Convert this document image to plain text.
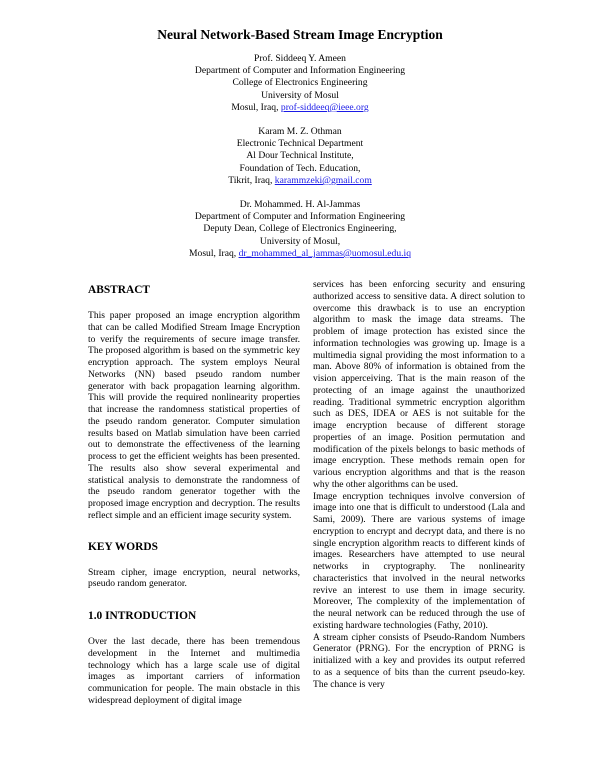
Neural Network-Based Stream Image Encryption
Prof. Siddeeq Y. Ameen
Department of Computer and Information Engineering
College of Electronics Engineering
University of Mosul
Mosul, Iraq, prof-siddeeq@ieee.org
Karam M. Z. Othman
Electronic Technical Department
Al Dour Technical Institute,
Foundation of Tech. Education,
Tikrit, Iraq, karammzeki@gmail.com
Dr. Mohammed. H. Al-Jammas
Department of Computer and Information Engineering
Deputy Dean, College of Electronics Engineering,
University of Mosul,
Mosul, Iraq, dr_mohammed_al_jammas@uomosul.edu.iq
ABSTRACT

This paper proposed an image encryption algorithm that can be called Modified Stream Image Encryption to verify the requirements of secure image transfer. The proposed algorithm is based on the symmetric key encryption approach. The system employs Neural Networks (NN) based pseudo random number generator with back propagation learning algorithm. This will provide the required nonlinearity properties that increase the randomness statistical properties of the pseudo random generator. Computer simulation results based on Matlab simulation have been carried out to demonstrate the effectiveness of the learning process to get the efficient weights has been presented. The results also show several experimental and statistical analysis to demonstrate the randomness of the pseudo random generator together with the proposed image encryption and decryption. The results reflect simple and an efficient image security system.

KEY WORDS

Stream cipher, image encryption, neural networks, pseudo random generator.

1.0 INTRODUCTION

Over the last decade, there has been tremendous development in the Internet and multimedia technology which has a large scale use of digital images as important carriers of information communication for people. The main obstacle in this widespread deployment of digital image

services has been enforcing security and ensuring authorized access to sensitive data. A direct solution to overcome this drawback is to use an encryption algorithm to mask the image data streams. The problem of image protection has existed since the information technologies was growing up. Image is a multimedia signal providing the most information to a man. Above 80% of information is obtained from the vision apperceiving. That is the main reason of the protecting of an image against the unauthorized reading. Traditional symmetric encryption algorithm such as DES, IDEA or AES is not suitable for the image encryption because of different storage properties of an image. Position permutation and modification of the pixels belongs to basic methods of image encryption. These methods remain open for various encryption algorithms and that is the reason why the other algorithms can be used.

Image encryption techniques involve conversion of image into one that is difficult to understood (Lala and Sami, 2009). There are various systems of image encryption to encrypt and decrypt data, and there is no single encryption algorithm reacts to different kinds of images. Researchers have attempted to use neural networks in cryptography. The nonlinearity characteristics that involved in the neural networks revive an interest to use them in image security. Moreover, The complexity of the implementation of the neural network can be reduced through the use of existing hardware technologies (Fathy, 2010).

A stream cipher consists of Pseudo-Random Numbers Generator (PRNG). For the encryption of PRNG is initialized with a key and provides its output referred to as a sequence of bits than the current pseudo-key. The chance is very
